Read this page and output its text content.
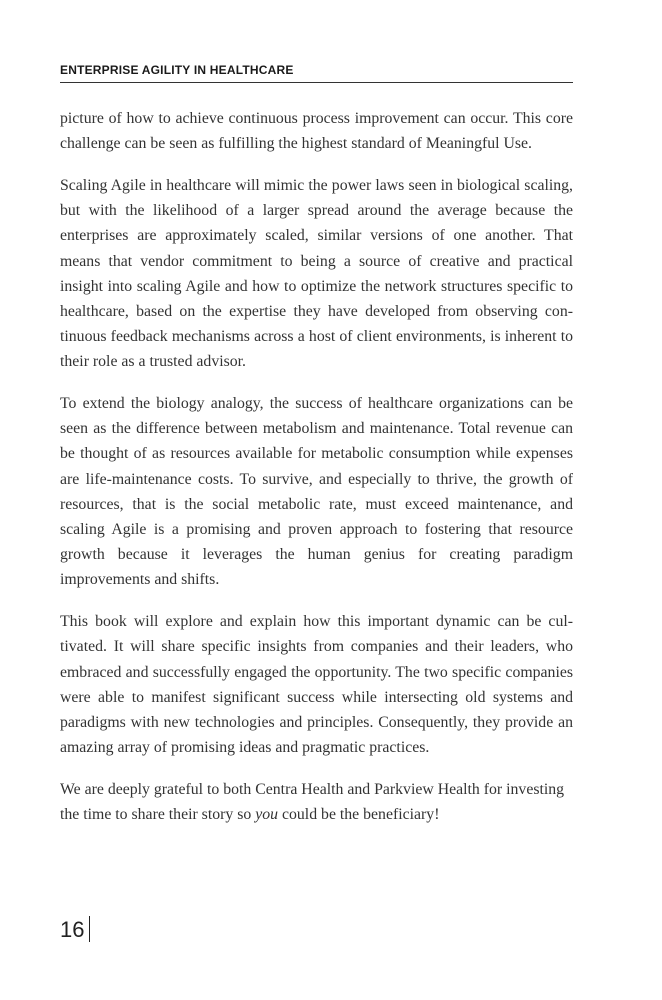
ENTERPRISE AGILITY IN HEALTHCARE

picture of how to achieve continuous process improvement can occur. This core challenge can be seen as fulfilling the highest standard of Meaningful Use.

Scaling Agile in healthcare will mimic the power laws seen in biological scaling, but with the likelihood of a larger spread around the average because the enterprises are approximately scaled, similar versions of one another. That means that vendor commitment to being a source of creative and practical insight into scaling Agile and how to optimize the network structures specific to healthcare, based on the expertise they have developed from observing continuous feedback mechanisms across a host of client environments, is inherent to their role as a trusted advisor.

To extend the biology analogy, the success of healthcare organizations can be seen as the difference between metabolism and maintenance. Total revenue can be thought of as resources available for metabolic consumption while expenses are life-maintenance costs. To survive, and especially to thrive, the growth of resources, that is the social metabolic rate, must exceed maintenance, and scaling Agile is a promising and proven approach to fostering that resource growth because it leverages the human genius for creating paradigm improvements and shifts.

This book will explore and explain how this important dynamic can be cultivated. It will share specific insights from companies and their leaders, who embraced and successfully engaged the opportunity. The two specific companies were able to manifest significant success while intersecting old systems and paradigms with new technologies and principles. Consequently, they provide an amazing array of promising ideas and pragmatic practices.

We are deeply grateful to both Centra Health and Parkview Health for investing the time to share their story so you could be the beneficiary!

16
